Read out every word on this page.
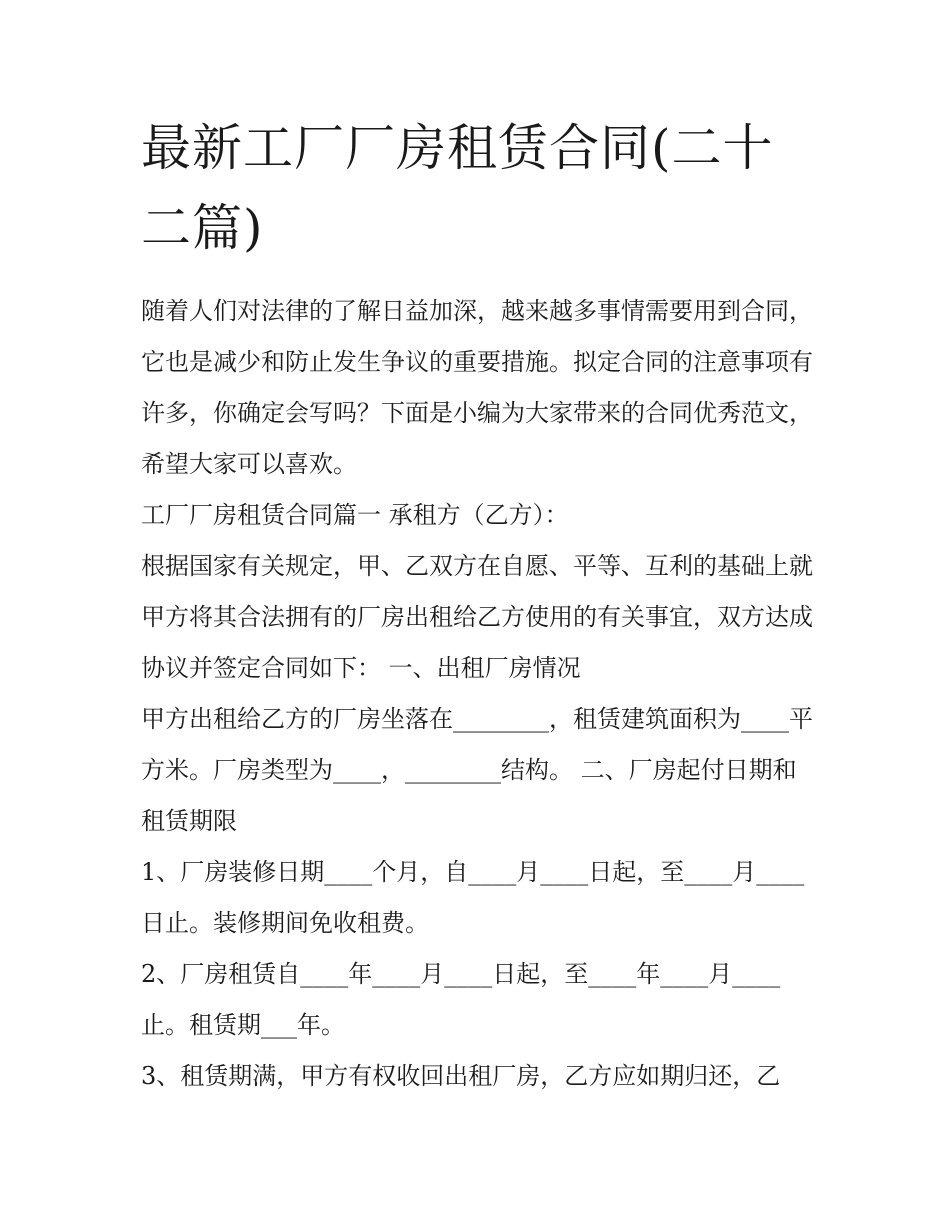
最新工厂厂房租赁合同(二十二篇)

随着人们对法律的了解日益加深，越来越多事情需要用到合同，它也是减少和防止发生争议的重要措施。拟定合同的注意事项有许多，你确定会写吗？下面是小编为大家带来的合同优秀范文，希望大家可以喜欢。

工厂厂房租赁合同篇一 承租方（乙方）：

根据国家有关规定，甲、乙双方在自愿、平等、互利的基础上就甲方将其合法拥有的厂房出租给乙方使用的有关事宜，双方达成协议并签定合同如下： 一、出租厂房情况

甲方出租给乙方的厂房坐落在________，租赁建筑面积为____平方米。厂房类型为____，________结构。 二、厂房起付日期和租赁期限

1、厂房装修日期____个月，自____月____日起，至____月____日止。装修期间免收租费。

2、厂房租赁自____年____月____日起，至____年____月____止。租赁期___年。

3、租赁期满，甲方有权收回出租厂房，乙方应如期归还，乙
